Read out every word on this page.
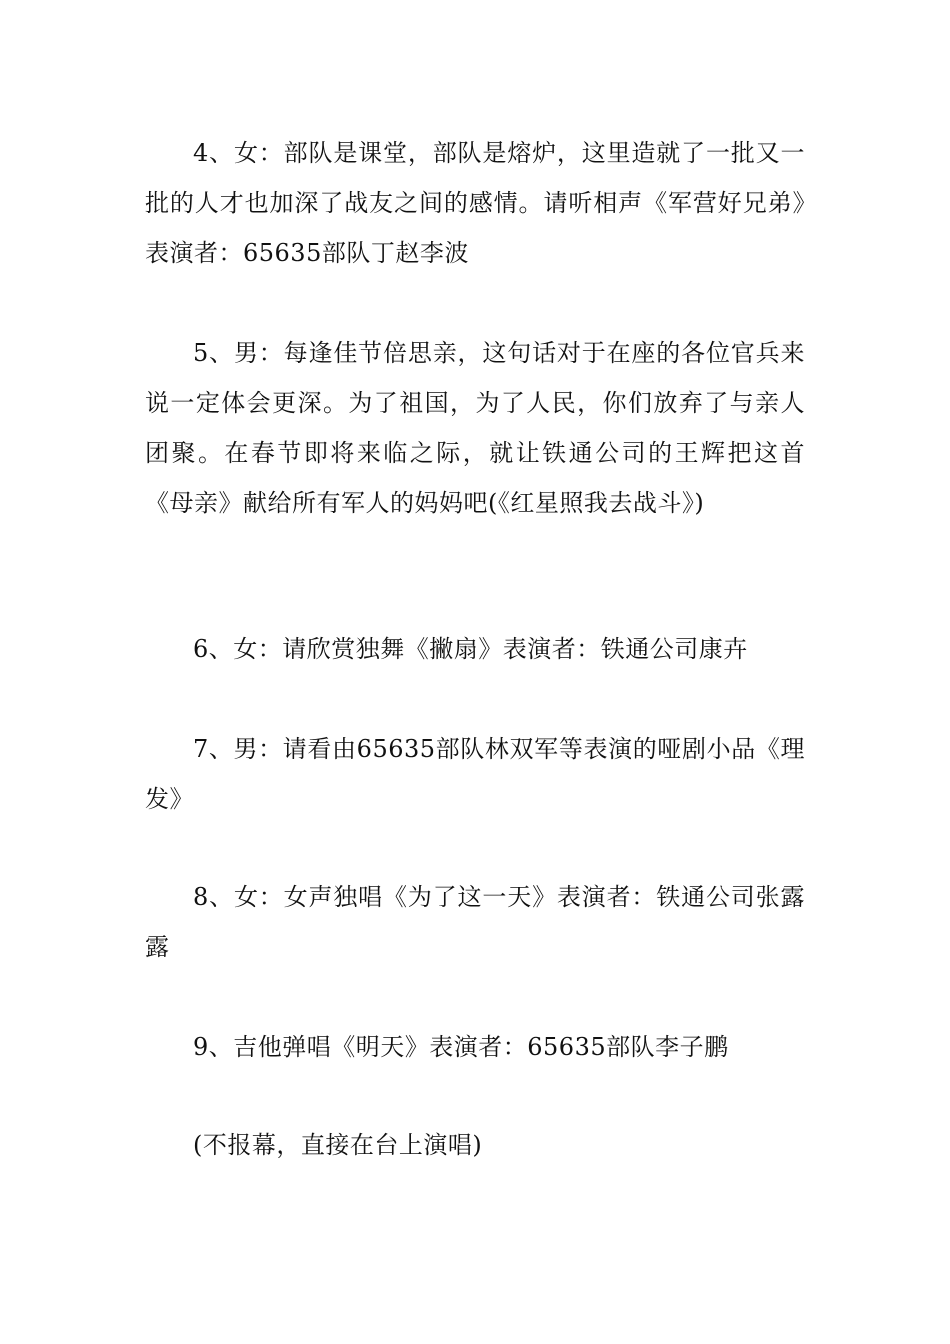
4、女：部队是课堂，部队是熔炉，这里造就了一批又一批的人才也加深了战友之间的感情。请听相声《军营好兄弟》表演者：65635部队丁赵李波

5、男：每逢佳节倍思亲，这句话对于在座的各位官兵来说一定体会更深。为了祖国，为了人民，你们放弃了与亲人团聚。在春节即将来临之际，就让铁通公司的王辉把这首《母亲》献给所有军人的妈妈吧(《红星照我去战斗》)

6、女：请欣赏独舞《撇扇》表演者：铁通公司康卉

7、男：请看由65635部队林双军等表演的哑剧小品《理发》

8、女：女声独唱《为了这一天》表演者：铁通公司张露露

9、吉他弹唱《明天》表演者：65635部队李子鹏

(不报幕，直接在台上演唱)
